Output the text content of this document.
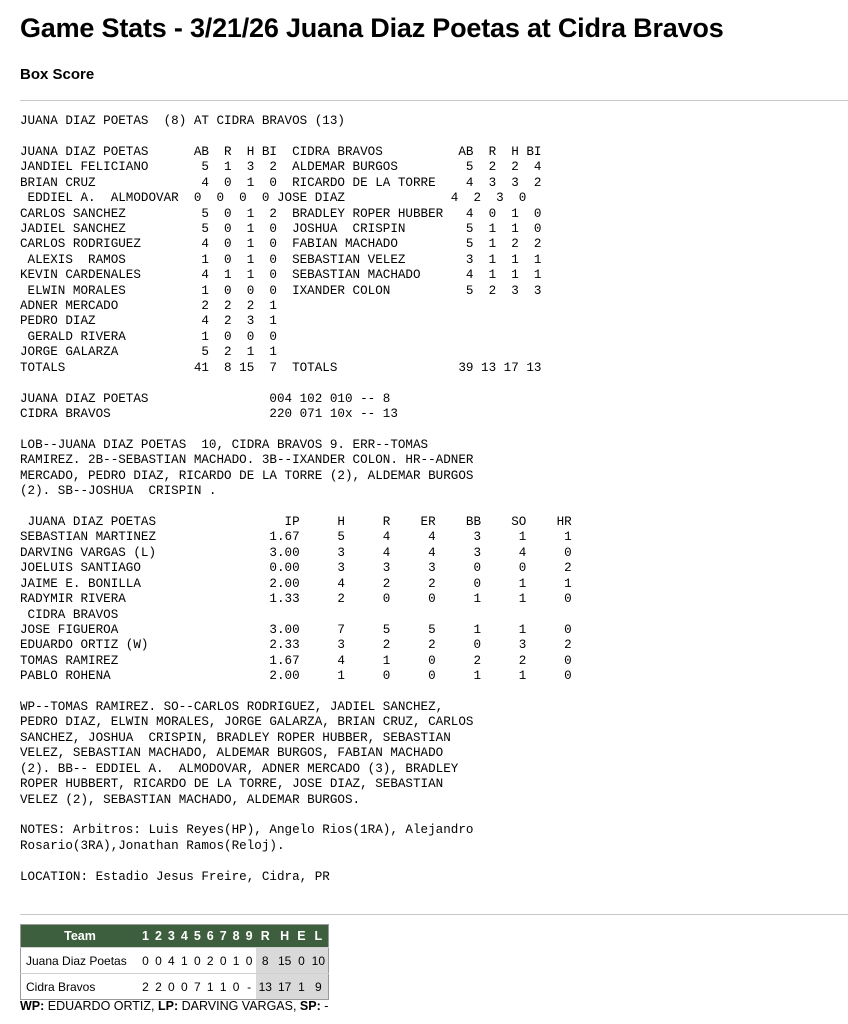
Game Stats - 3/21/26 Juana Diaz Poetas at Cidra Bravos
Box Score
JUANA DIAZ POETAS  (8) AT CIDRA BRAVOS (13)

JUANA DIAZ POETAS      AB  R  H BI  CIDRA BRAVOS          AB  R  H BI
JANDIEL FELICIANO       5  1  3  2  ALDEMAR BURGOS         5  2  2  4
BRIAN CRUZ              4  0  1  0  RICARDO DE LA TORRE    4  3  3  2
EDDIEL A.  ALMODOVAR  0  0  0  0 JOSE DIAZ              4  2  3  0
CARLOS SANCHEZ          5  0  1  2  BRADLEY ROPER HUBBER   4  0  1  0
JADIEL SANCHEZ          5  0  1  0  JOSHUA  CRISPIN        5  1  1  0
CARLOS RODRIGUEZ        4  0  1  0  FABIAN MACHADO         5  1  2  2
ALEXIS  RAMOS          1  0  1  0  SEBASTIAN VELEZ        3  1  1  1
KEVIN CARDENALES        4  1  1  0  SEBASTIAN MACHADO      4  1  1  1
ELWIN MORALES          1  0  0  0  IXANDER COLON          5  2  3  3
ADNER MERCADO           2  2  2  1
PEDRO DIAZ              4  2  3  1
GERALD RIVERA          1  0  0  0
JORGE GALARZA           5  2  1  1
TOTALS                 41  8 15  7  TOTALS                39 13 17 13

JUANA DIAZ POETAS                004 102 010 -- 8
CIDRA BRAVOS                     220 071 10x -- 13

LOB--JUANA DIAZ POETAS  10, CIDRA BRAVOS 9. ERR--TOMAS
RAMIREZ. 2B--SEBASTIAN MACHADO. 3B--IXANDER COLON. HR--ADNER
MERCADO, PEDRO DIAZ, RICARDO DE LA TORRE (2), ALDEMAR BURGOS
(2). SB--JOSHUA  CRISPIN .

JUANA DIAZ POETAS                 IP     H     R    ER    BB    SO    HR
SEBASTIAN MARTINEZ               1.67     5     4     4     3     1     1
DARVING VARGAS (L)               3.00     3     4     4     3     4     0
JOELUIS SANTIAGO                 0.00     3     3     3     0     0     2
JAIME E. BONILLA                 2.00     4     2     2     0     1     1
RADYMIR RIVERA                   1.33     2     0     0     1     1     0
CIDRA BRAVOS
JOSE FIGUEROA                    3.00     7     5     5     1     1     0
EDUARDO ORTIZ (W)                2.33     3     2     2     0     3     2
TOMAS RAMIREZ                    1.67     4     1     0     2     2     0
PABLO ROHENA                     2.00     1     0     0     1     1     0

WP--TOMAS RAMIREZ. SO--CARLOS RODRIGUEZ, JADIEL SANCHEZ,
PEDRO DIAZ, ELWIN MORALES, JORGE GALARZA, BRIAN CRUZ, CARLOS
SANCHEZ, JOSHUA  CRISPIN, BRADLEY ROPER HUBBER, SEBASTIAN
VELEZ, SEBASTIAN MACHADO, ALDEMAR BURGOS, FABIAN MACHADO
(2). BB-- EDDIEL A.  ALMODOVAR, ADNER MERCADO (3), BRADLEY
ROPER HUBBERT, RICARDO DE LA TORRE, JOSE DIAZ, SEBASTIAN
VELEZ (2), SEBASTIAN MACHADO, ALDEMAR BURGOS.

NOTES: Arbitros: Luis Reyes(HP), Angelo Rios(1RA), Alejandro
Rosario(3RA),Jonathan Ramos(Reloj).

LOCATION: Estadio Jesus Freire, Cidra, PR

Team	1	2	3	4	5	6	7	8	9	R	H	E	L
Juana Diaz Poetas	0	0	4	1	0	2	0	1	0	8	15	0	10
Cidra Bravos	2	2	0	0	7	1	1	0	-	13	17	1	9
WP: EDUARDO ORTIZ, LP: DARVING VARGAS, SP: -
